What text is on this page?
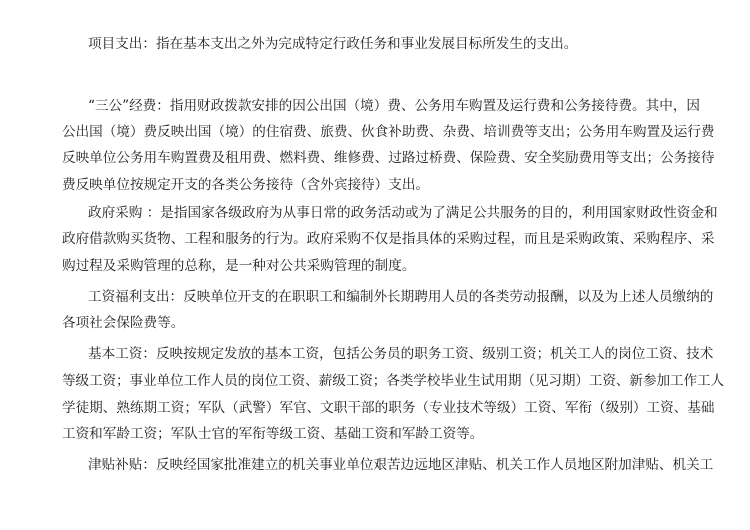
项目支出：指在基本支出之外为完成特定行政任务和事业发展目标所发生的支出。
“三公”经费：指用财政拨款安排的因公出国（境）费、公务用车购置及运行费和公务接待费。其中，因
公出国（境）费反映出国（境）的住宿费、旅费、伙食补助费、杂费、培训费等支出；公务用车购置及运行费
反映单位公务用车购置费及租用费、燃料费、维修费、过路过桥费、保险费、安全奖励费用等支出；公务接待
费反映单位按规定开支的各类公务接待（含外宾接待）支出。
政府采购 ：是指国家各级政府为从事日常的政务活动或为了满足公共服务的目的，利用国家财政性资金和
政府借款购买货物、工程和服务的行为。政府采购不仅是指具体的采购过程，而且是采购政策、采购程序、采
购过程及采购管理的总称，是一种对公共采购管理的制度。
工资福利支出：反映单位开支的在职职工和编制外长期聘用人员的各类劳动报酬，以及为上述人员缴纳的
各项社会保险费等。
基本工资：反映按规定发放的基本工资，包括公务员的职务工资、级别工资；机关工人的岗位工资、技术
等级工资；事业单位工作人员的岗位工资、薪级工资；各类学校毕业生试用期（见习期）工资、新参加工作工人
学徒期、熟练期工资；军队（武警）军官、文职干部的职务（专业技术等级）工资、军衔（级别）工资、基础
工资和军龄工资；军队士官的军衔等级工资、基础工资和军龄工资等。
津贴补贴：反映经国家批准建立的机关事业单位艰苦边远地区津贴、机关工作人员地区附加津贴、机关工
